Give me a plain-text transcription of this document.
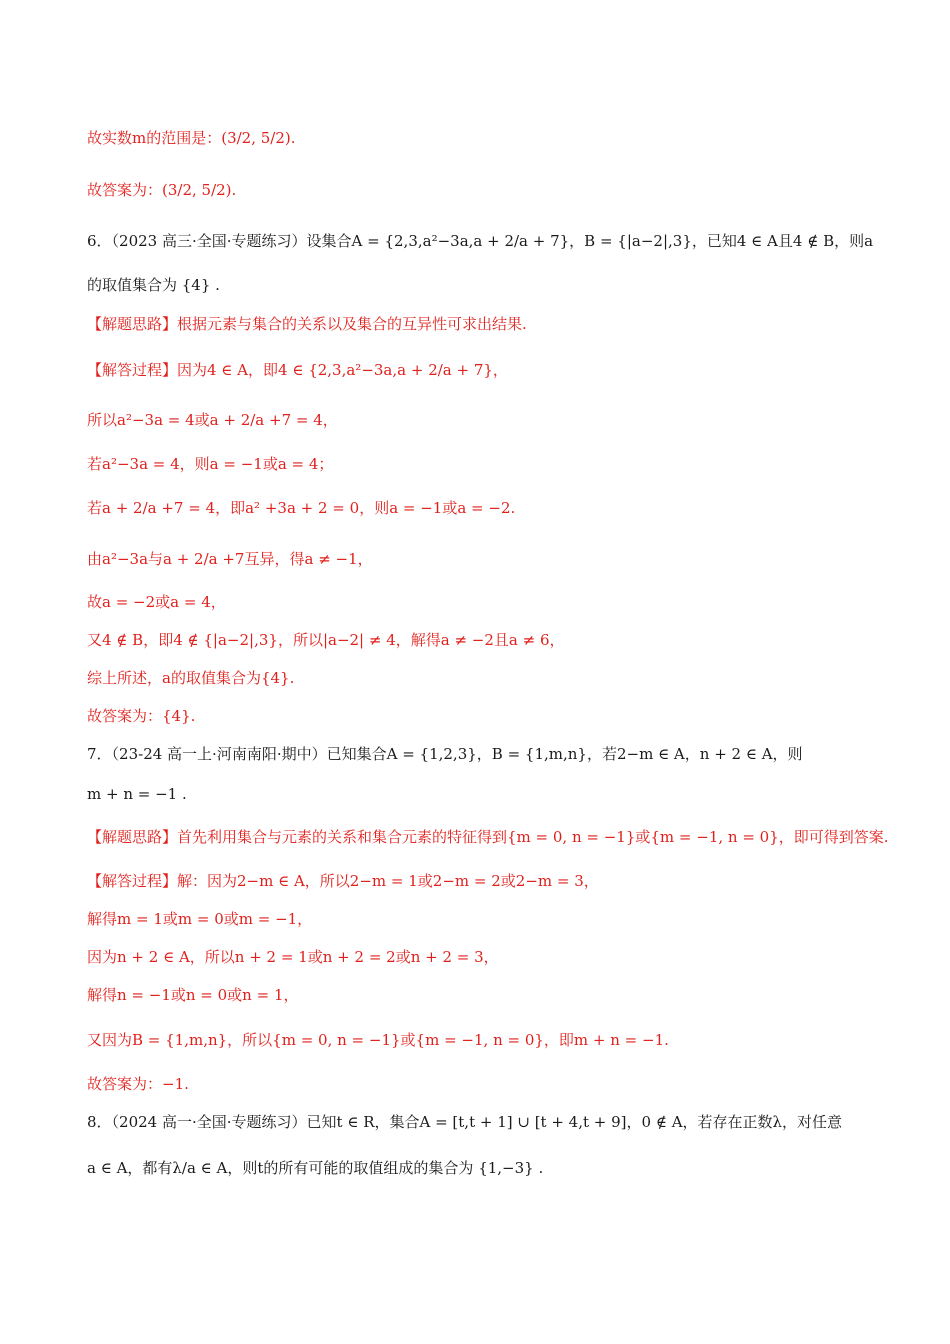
故实数m的范围是：(3/2, 5/2).
故答案为：(3/2, 5/2).
6．（2023 高三·全国·专题练习）设集合A = {2,3,a²−3a,a + 2/a + 7}，B = {|a−2|,3}，已知4 ∈ A且4 ∉ B，则a
的取值集合为 {4} .
【解题思路】根据元素与集合的关系以及集合的互异性可求出结果.
【解答过程】因为4 ∈ A，即4 ∈ {2,3,a²−3a,a + 2/a + 7}，
所以a²−3a = 4或a + 2/a +7 = 4，
若a²−3a = 4，则a = −1或a = 4；
若a + 2/a +7 = 4，即a² +3a + 2 = 0，则a = −1或a = −2.
由a²−3a与a + 2/a +7互异，得a ≠ −1，
故a = −2或a = 4，
又4 ∉ B，即4 ∉ {|a−2|,3}，所以|a−2| ≠ 4，解得a ≠ −2且a ≠ 6，
综上所述，a的取值集合为{4}.
故答案为：{4}.
7．（23-24 高一上·河南南阳·期中）已知集合A = {1,2,3}，B = {1,m,n}，若2−m ∈ A，n + 2 ∈ A，则
m + n = −1 .
【解题思路】首先利用集合与元素的关系和集合元素的特征得到{m = 0, n = −1}或{m = −1, n = 0}，即可得到答案.
【解答过程】解：因为2−m ∈ A，所以2−m = 1或2−m = 2或2−m = 3，
解得m = 1或m = 0或m = −1，
因为n + 2 ∈ A，所以n + 2 = 1或n + 2 = 2或n + 2 = 3，
解得n = −1或n = 0或n = 1，
又因为B = {1,m,n}，所以{m = 0, n = −1}或{m = −1, n = 0}，即m + n = −1.
故答案为：−1.
8．（2024 高一·全国·专题练习）已知t ∈ R，集合A = [t,t + 1] ∪ [t + 4,t + 9]，0 ∉ A，若存在正数λ，对任意
a ∈ A，都有λ/a ∈ A，则t的所有可能的取值组成的集合为 {1,−3} .
